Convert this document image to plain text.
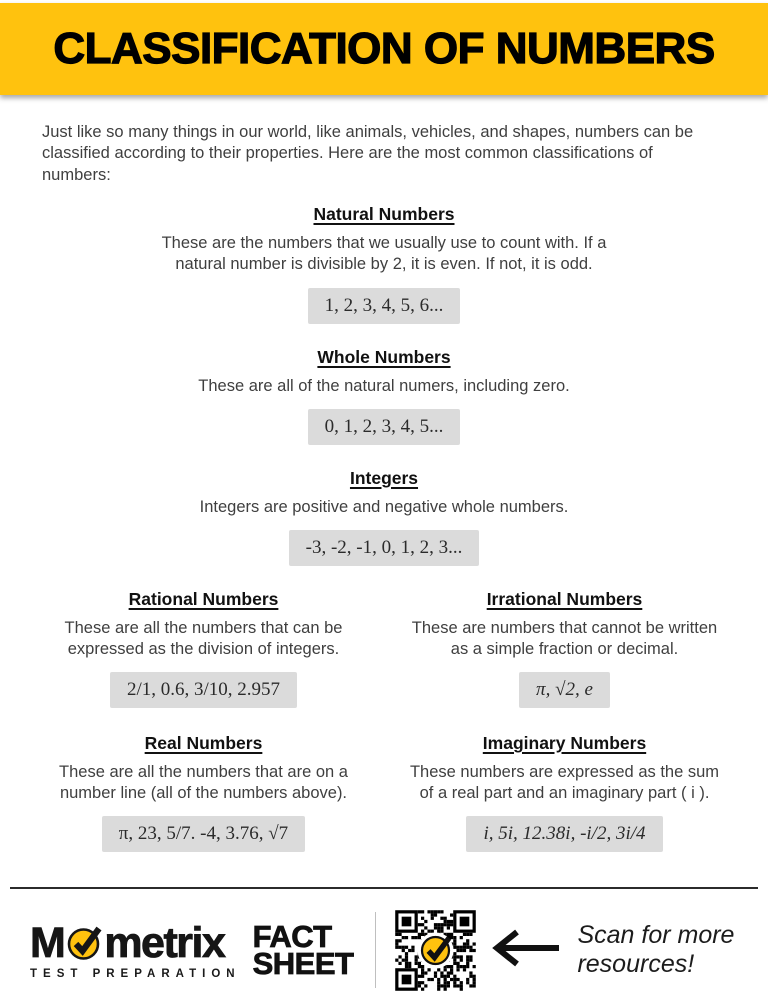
CLASSIFICATION OF NUMBERS

Just like so many things in our world, like animals, vehicles, and shapes, numbers can be classified according to their properties. Here are the most common classifications of numbers:

Natural Numbers

These are the numbers that we usually use to count with. If a natural number is divisible by 2, it is even. If not, it is odd.

1, 2, 3, 4, 5, 6...
Whole Numbers

These are all of the natural numers, including zero.

0, 1, 2, 3, 4, 5...
Integers

Integers are positive and negative whole numbers.

-3, -2, -1, 0, 1, 2, 3...
Rational Numbers

These are all the numbers that can be expressed as the division of integers.

2/1, 0.6, 3/10, 2.957
Irrational Numbers

These are numbers that cannot be written as a simple fraction or decimal.

π, √2, e
Real Numbers

These are all the numbers that are on a number line (all of the numbers above).

π, 23, 5/7. -4, 3.76, √7
Imaginary Numbers

These numbers are expressed as the sum of a real part and an imaginary part ( i ).

i, 5i, 12.38i, -i/2, 3i/4
M metrix
TEST PREPARATION
FACT
SHEET
Scan for more resources!
